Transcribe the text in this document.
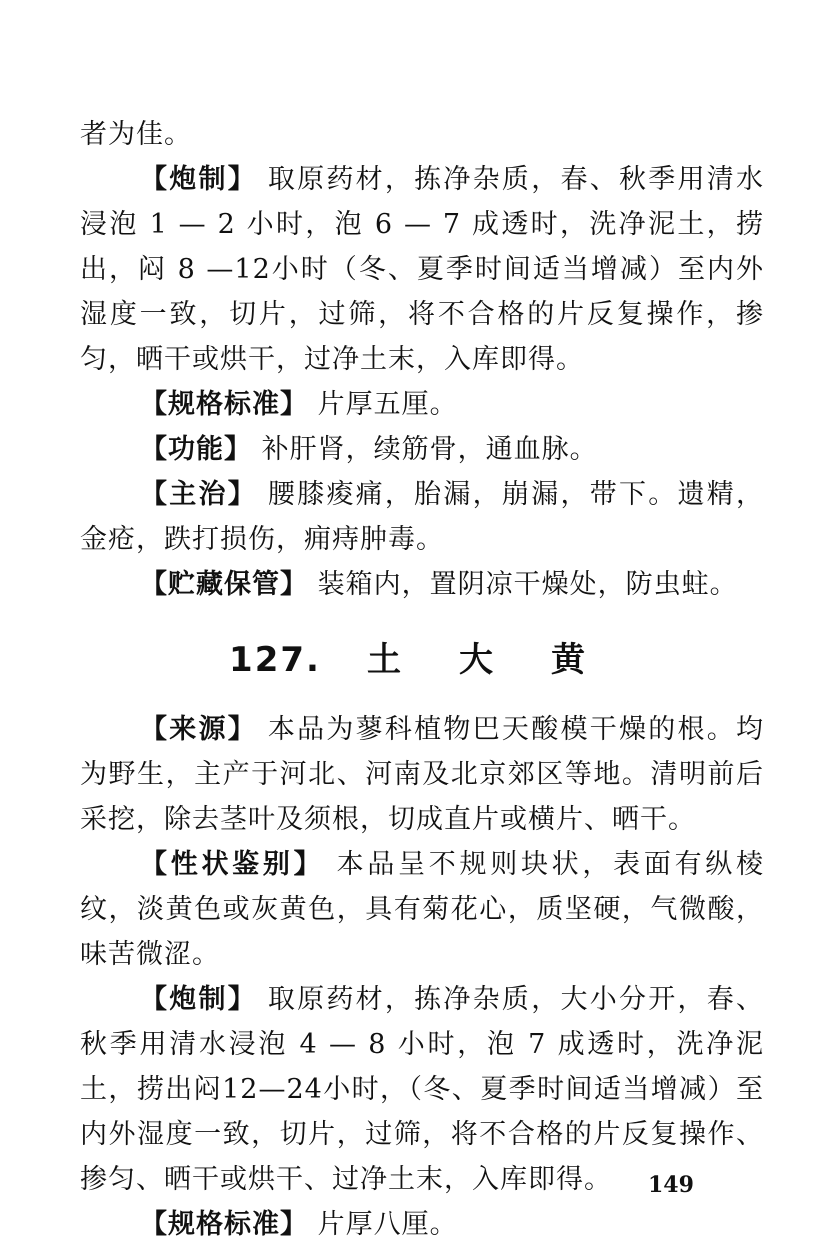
者为佳。

【炮制】 取原药材，拣净杂质，春、秋季用清水浸泡 1 — 2 小时，泡 6 — 7 成透时，洗净泥土，捞出，闷 8 —12小时（冬、夏季时间适当增减）至内外湿度一致，切片，过筛，将不合格的片反复操作，掺匀，晒干或烘干，过净土末，入库即得。

【规格标准】 片厚五厘。

【功能】 补肝肾，续筋骨，通血脉。

【主治】 腰膝痠痛，胎漏，崩漏，带下。遗精，金疮，跌打损伤，痈痔肿毒。

【贮藏保管】 装箱内，置阴凉干燥处，防虫蛀。

127. 土 大 黄

【来源】 本品为蓼科植物巴天酸模干燥的根。均为野生，主产于河北、河南及北京郊区等地。清明前后采挖，除去茎叶及须根，切成直片或横片、晒干。

【性状鉴别】 本品呈不规则块状，表面有纵棱纹，淡黄色或灰黄色，具有菊花心，质坚硬，气微酸，味苦微涩。

【炮制】 取原药材，拣净杂质，大小分开，春、秋季用清水浸泡 4 — 8 小时，泡 7 成透时，洗净泥土，捞出闷12—24小时，（冬、夏季时间适当增减）至内外湿度一致，切片，过筛，将不合格的片反复操作、掺匀、晒干或烘干、过净土末，入库即得。

【规格标准】 片厚八厘。

149
